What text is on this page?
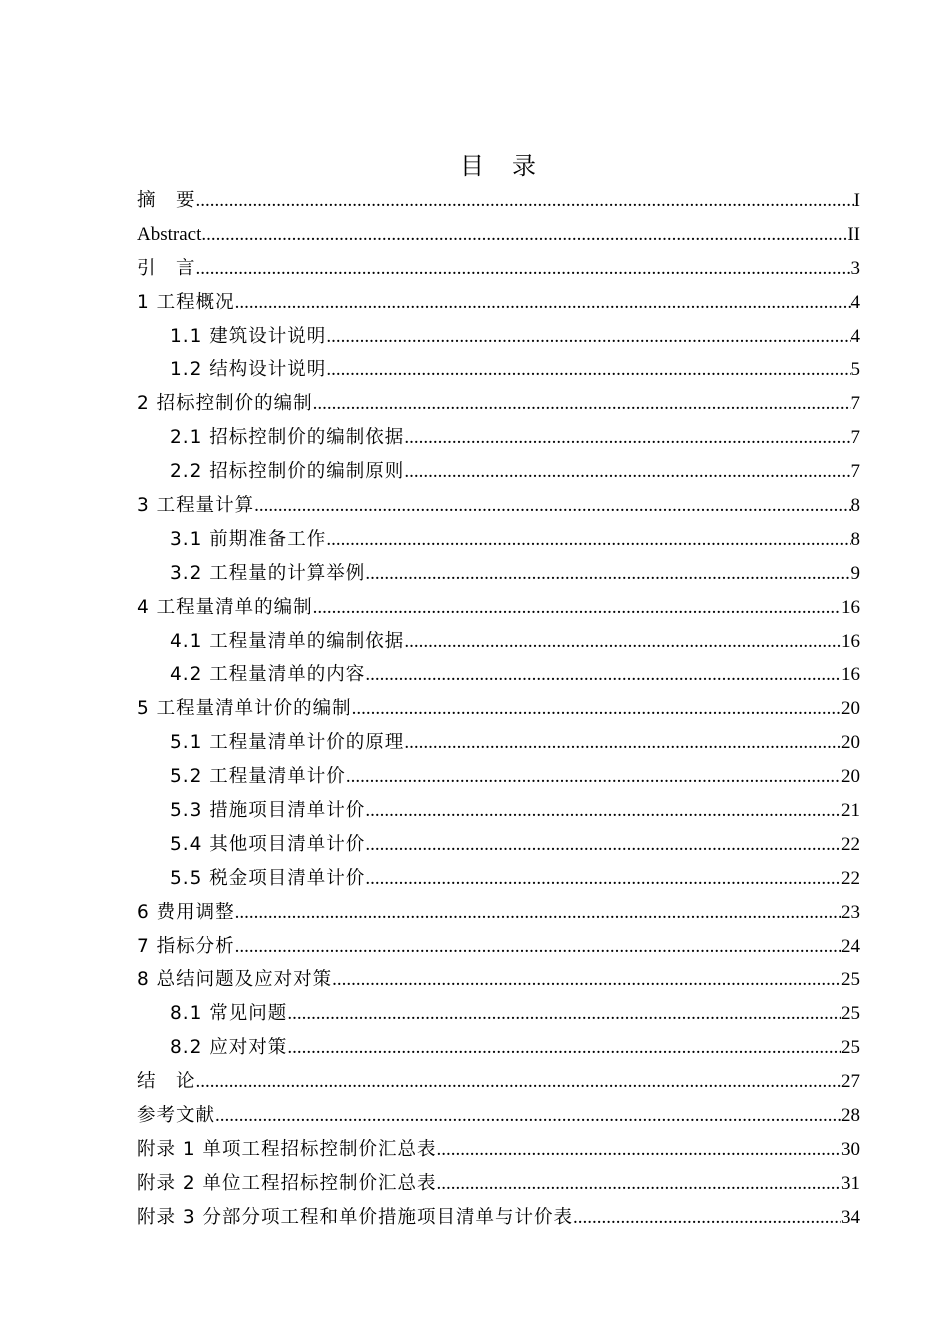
目　录
摘　要 .....	I
Abstract .....	II
引　言 .....	3
1 工程概况 .....	4
1.1 建筑设计说明 .....	4
1.2 结构设计说明 .....	5
2 招标控制价的编制 .....	7
2.1 招标控制价的编制依据 .....	7
2.2 招标控制价的编制原则 .....	7
3 工程量计算 .....	8
3.1 前期准备工作 .....	8
3.2 工程量的计算举例 .....	9
4 工程量清单的编制 .....	16
4.1 工程量清单的编制依据 .....	16
4.2 工程量清单的内容 .....	16
5 工程量清单计价的编制 .....	20
5.1 工程量清单计价的原理 .....	20
5.2 工程量清单计价 .....	20
5.3 措施项目清单计价 .....	21
5.4 其他项目清单计价 .....	22
5.5 税金项目清单计价 .....	22
6 费用调整 .....	23
7 指标分析 .....	24
8 总结问题及应对对策 .....	25
8.1 常见问题 .....	25
8.2 应对对策 .....	25
结　论 .....	27
参考文献 .....	28
附录 1 单项工程招标控制价汇总表 .....	30
附录 2 单位工程招标控制价汇总表 .....	31
附录 3 分部分项工程和单价措施项目清单与计价表 .....	34
